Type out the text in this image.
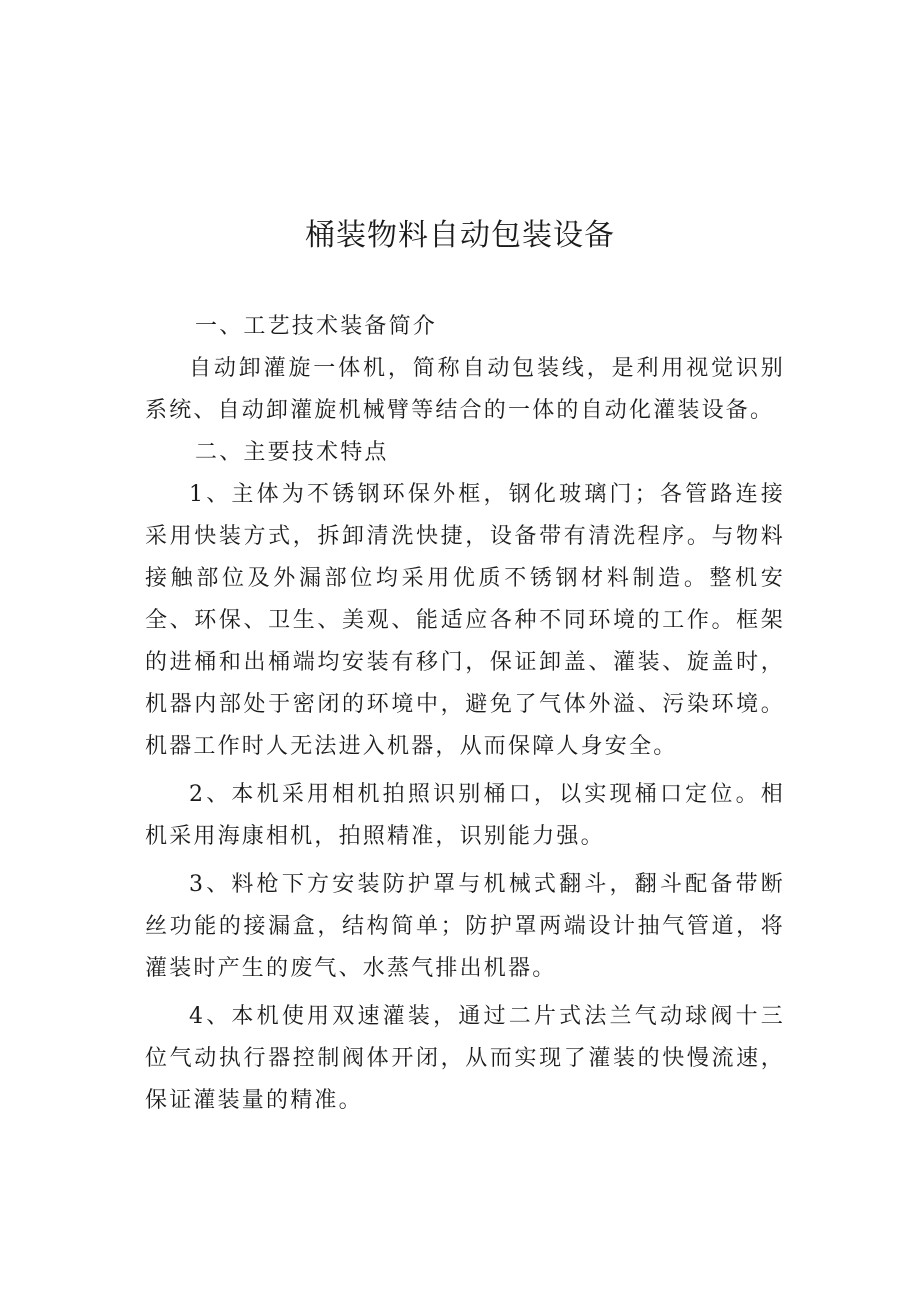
桶装物料自动包装设备

一、工艺技术装备简介

自动卸灌旋一体机，简称自动包装线，是利用视觉识别系统、自动卸灌旋机械臂等结合的一体的自动化灌装设备。

二、主要技术特点

1、主体为不锈钢环保外框，钢化玻璃门；各管路连接采用快装方式，拆卸清洗快捷，设备带有清洗程序。与物料接触部位及外漏部位均采用优质不锈钢材料制造。整机安全、环保、卫生、美观、能适应各种不同环境的工作。框架的进桶和出桶端均安装有移门，保证卸盖、灌装、旋盖时，机器内部处于密闭的环境中，避免了气体外溢、污染环境。机器工作时人无法进入机器，从而保障人身安全。

2、本机采用相机拍照识别桶口，以实现桶口定位。相机采用海康相机，拍照精准，识别能力强。

3、料枪下方安装防护罩与机械式翻斗，翻斗配备带断丝功能的接漏盒，结构简单；防护罩两端设计抽气管道，将灌装时产生的废气、水蒸气排出机器。

4、本机使用双速灌装，通过二片式法兰气动球阀十三位气动执行器控制阀体开闭，从而实现了灌装的快慢流速，保证灌装量的精准。
